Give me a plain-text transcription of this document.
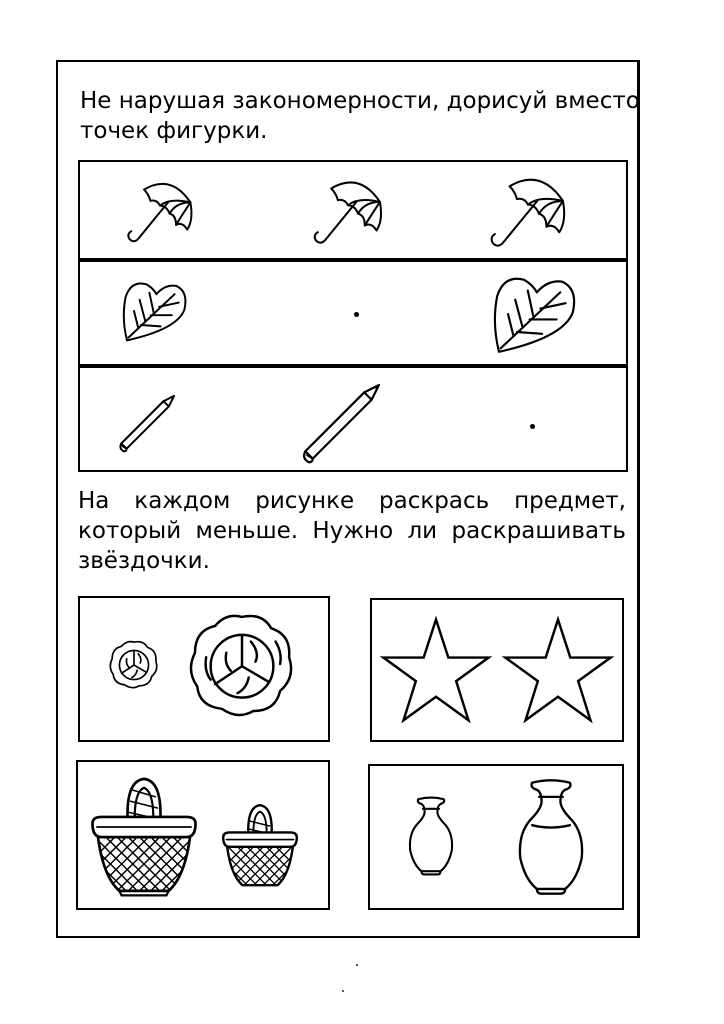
Не нарушая закономерности, дорисуй вместо точек фигурки.

На каждом рисунке раскрась предмет, который меньше. Нужно ли раскрашивать звёздочки.
